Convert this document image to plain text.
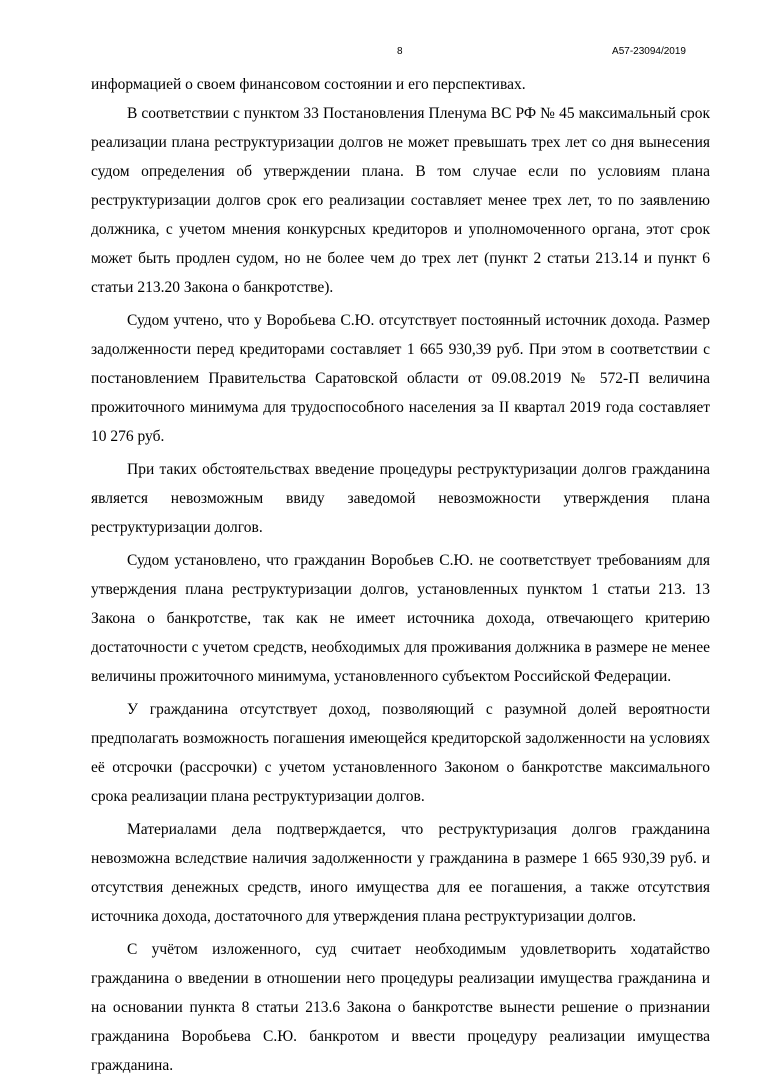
8	А57-23094/2019

информацией о своем финансовом состоянии и его перспективах.

В соответствии с пунктом 33 Постановления Пленума ВС РФ № 45 максимальный срок реализации плана реструктуризации долгов не может превышать трех лет со дня вынесения судом определения об утверждении плана. В том случае если по условиям плана реструктуризации долгов срок его реализации составляет менее трех лет, то по заявлению должника, с учетом мнения конкурсных кредиторов и уполномоченного органа, этот срок может быть продлен судом, но не более чем до трех лет (пункт 2 статьи 213.14 и пункт 6 статьи 213.20 Закона о банкротстве).

Судом учтено, что у Воробьева С.Ю. отсутствует постоянный источник дохода. Размер задолженности перед кредиторами составляет 1 665 930,39 руб. При этом в соответствии с постановлением Правительства Саратовской области от 09.08.2019 № 572-П величина прожиточного минимума для трудоспособного населения за II квартал 2019 года составляет 10 276 руб.

При таких обстоятельствах введение процедуры реструктуризации долгов гражданина является невозможным ввиду заведомой невозможности утверждения плана реструктуризации долгов.

Судом установлено, что гражданин Воробьев С.Ю. не соответствует требованиям для утверждения плана реструктуризации долгов, установленных пунктом 1 статьи 213. 13 Закона о банкротстве, так как не имеет источника дохода, отвечающего критерию достаточности с учетом средств, необходимых для проживания должника в размере не менее величины прожиточного минимума, установленного субъектом Российской Федерации.

У гражданина отсутствует доход, позволяющий с разумной долей вероятности предполагать возможность погашения имеющейся кредиторской задолженности на условиях её отсрочки (рассрочки) с учетом установленного Законом о банкротстве максимального срока реализации плана реструктуризации долгов.

Материалами дела подтверждается, что реструктуризация долгов гражданина невозможна вследствие наличия задолженности у гражданина в размере 1 665 930,39 руб. и отсутствия денежных средств, иного имущества для ее погашения, а также отсутствия источника дохода, достаточного для утверждения плана реструктуризации долгов.

С учётом изложенного, суд считает необходимым удовлетворить ходатайство гражданина о введении в отношении него процедуры реализации имущества гражданина и на основании пункта 8 статьи 213.6 Закона о банкротстве вынести решение о признании гражданина Воробьева С.Ю. банкротом и ввести процедуру реализации имущества гражданина.
